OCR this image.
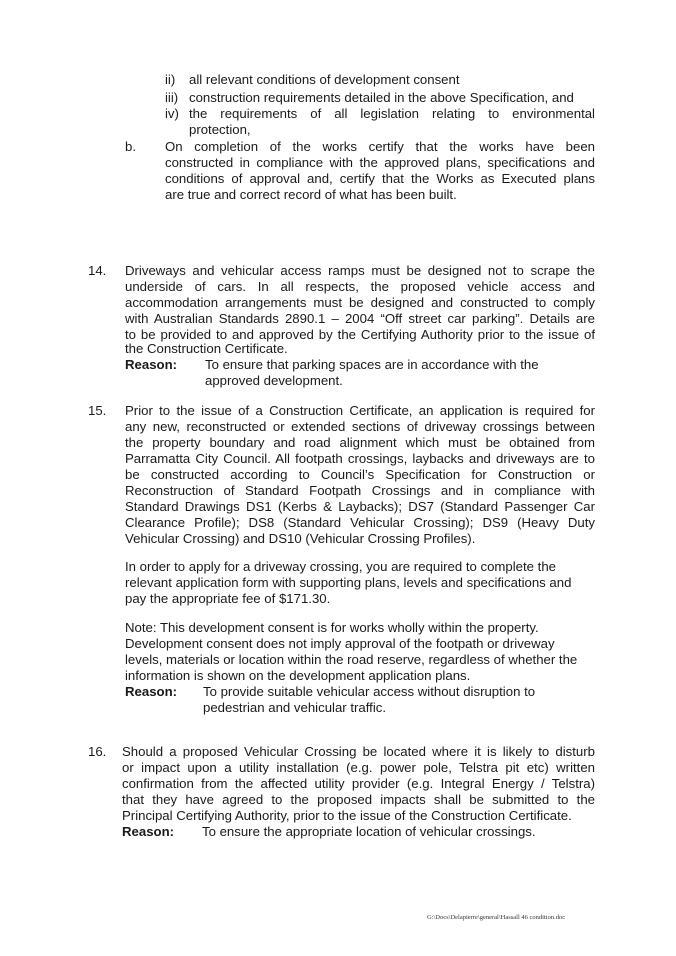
ii) all relevant conditions of development consent
iii) construction requirements detailed in the above Specification, and
iv) the requirements of all legislation relating to environmental
protection,
b. On completion of the works certify that the works have been
constructed in compliance with the approved plans, specifications and
conditions of approval and, certify that the Works as Executed plans
are true and correct record of what has been built.
14. Driveways and vehicular access ramps must be designed not to scrape the
underside of cars. In all respects, the proposed vehicle access and
accommodation arrangements must be designed and constructed to comply
with Australian Standards 2890.1 – 2004 “Off street car parking”. Details are
to be provided to and approved by the Certifying Authority prior to the issue of
the Construction Certificate.
Reason: To ensure that parking spaces are in accordance with the
approved development.
15. Prior to the issue of a Construction Certificate, an application is required for
any new, reconstructed or extended sections of driveway crossings between
the property boundary and road alignment which must be obtained from
Parramatta City Council. All footpath crossings, laybacks and driveways are to
be constructed according to Council’s Specification for Construction or
Reconstruction of Standard Footpath Crossings and in compliance with
Standard Drawings DS1 (Kerbs & Laybacks); DS7 (Standard Passenger Car
Clearance Profile); DS8 (Standard Vehicular Crossing); DS9 (Heavy Duty
Vehicular Crossing) and DS10 (Vehicular Crossing Profiles).
In order to apply for a driveway crossing, you are required to complete the
relevant application form with supporting plans, levels and specifications and
pay the appropriate fee of $171.30.
Note: This development consent is for works wholly within the property.
Development consent does not imply approval of the footpath or driveway
levels, materials or location within the road reserve, regardless of whether the
information is shown on the development application plans.
Reason: To provide suitable vehicular access without disruption to
pedestrian and vehicular traffic.
16. Should a proposed Vehicular Crossing be located where it is likely to disturb
or impact upon a utility installation (e.g. power pole, Telstra pit etc) written
confirmation from the affected utility provider (e.g. Integral Energy / Telstra)
that they have agreed to the proposed impacts shall be submitted to the
Principal Certifying Authority, prior to the issue of the Construction Certificate.
Reason: To ensure the appropriate location of vehicular crossings.
G:\Docs\Delapierre\general\Hassall 46 condition.doc
